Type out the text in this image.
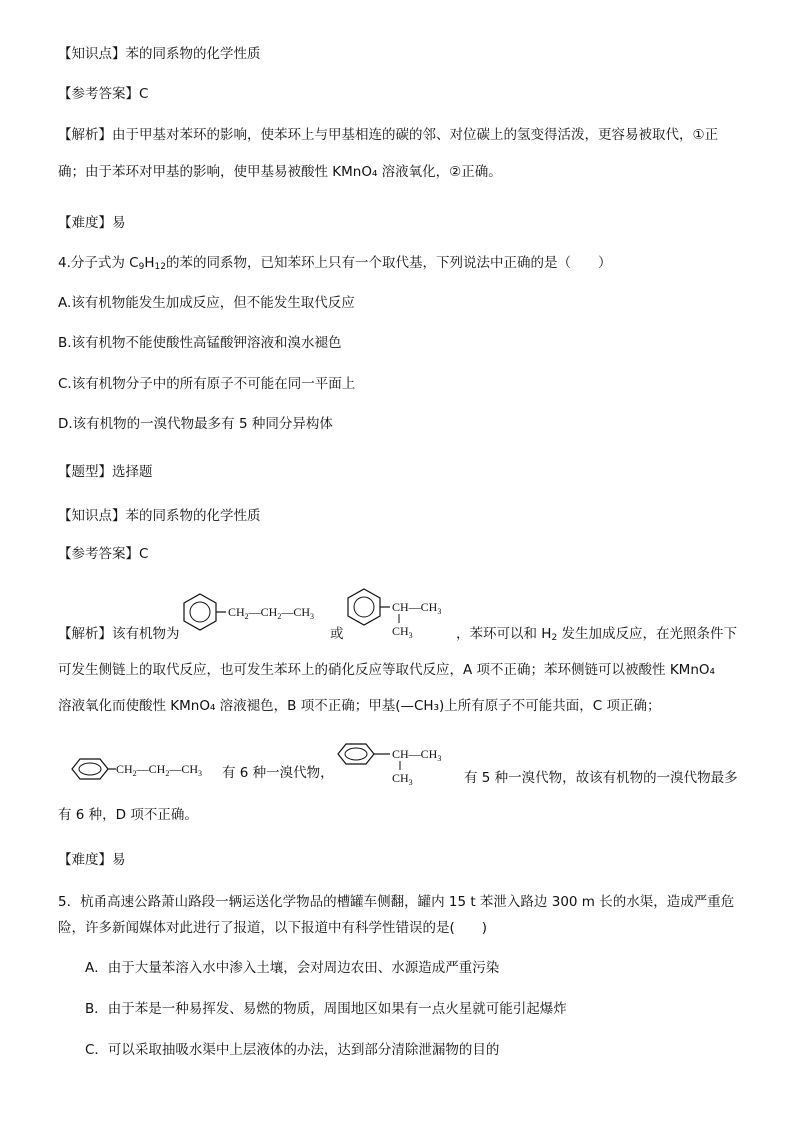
【知识点】苯的同系物的化学性质
【参考答案】C
【解析】由于甲基对苯环的影响，使苯环上与甲基相连的碳的邻、对位碳上的氢变得活泼，更容易被取代，①正
确；由于苯环对甲基的影响，使甲基易被酸性 KMnO₄ 溶液氧化，②正确。
【难度】易
4.分子式为 $C_9H_{12}$的苯的同系物，已知苯环上只有一个取代基，下列说法中正确的是（　　）
A.该有机物能发生加成反应，但不能发生取代反应
B.该有机物不能使酸性高锰酸钾溶液和溴水褪色
C.该有机物分子中的所有原子不可能在同一平面上
D.该有机物的一溴代物最多有 5 种同分异构体
【题型】选择题
【知识点】苯的同系物的化学性质
【参考答案】C
$CH_2—CH_2—CH_3$
$CH—CH_3$
$CH_3$
【解析】该有机物为	或	，苯环可以和 $H_2$ 发生加成反应，在光照条件下
可发生侧链上的取代反应，也可发生苯环上的硝化反应等取代反应，A 项不正确；苯环侧链可以被酸性 KMnO₄
溶液氧化而使酸性 KMnO₄ 溶液褪色，B 项不正确；甲基(—CH₃)上所有原子不可能共面，C 项正确；
$CH_2—CH_2—CH_3$ 有 6 种一溴代物，
$CH—CH_3$
$CH_3$	有 5 种一溴代物，故该有机物的一溴代物最多
有 6 种，D 项不正确。
【难度】易
5．杭甬高速公路萧山路段一辆运送化学物品的槽罐车侧翻，罐内 15 t 苯泄入路边 300 m 长的水渠，造成严重危
险，许多新闻媒体对此进行了报道，以下报道中有科学性错误的是(　　)
A．由于大量苯溶入水中渗入土壤，会对周边农田、水源造成严重污染
B．由于苯是一种易挥发、易燃的物质，周围地区如果有一点火星就可能引起爆炸
C．可以采取抽吸水渠中上层液体的办法，达到部分清除泄漏物的目的
